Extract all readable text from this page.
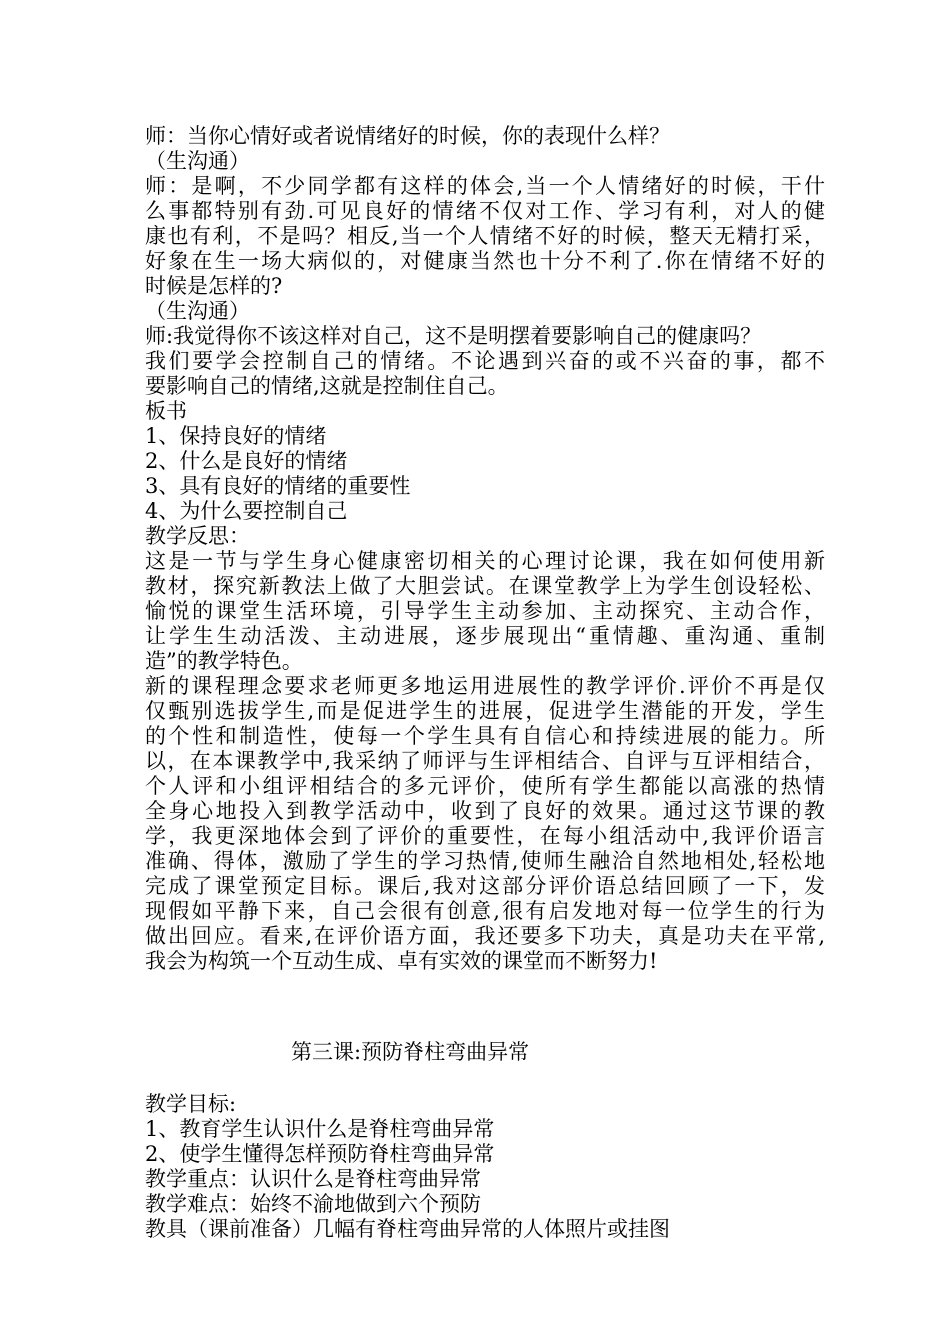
师：当你心情好或者说情绪好的时候，你的表现什么样？

（生沟通）

师：是啊，不少同学都有这样的体会,当一个人情绪好的时候，干什

么事都特别有劲.可见良好的情绪不仅对工作、学习有利，对人的健

康也有利，不是吗？相反,当一个人情绪不好的时候，整天无精打采，

好象在生一场大病似的，对健康当然也十分不利了.你在情绪不好的

时候是怎样的?

（生沟通）

师:我觉得你不该这样对自己，这不是明摆着要影响自己的健康吗？

我们要学会控制自己的情绪。不论遇到兴奋的或不兴奋的事，都不

要影响自己的情绪,这就是控制住自己。

板书

1、保持良好的情绪

2、什么是良好的情绪

3、具有良好的情绪的重要性

4、为什么要控制自己

教学反思：

这是一节与学生身心健康密切相关的心理讨论课，我在如何使用新

教材，探究新教法上做了大胆尝试。在课堂教学上为学生创设轻松、

愉悦的课堂生活环境，引导学生主动参加、主动探究、主动合作，

让学生生动活泼、主动进展，逐步展现出“重情趣、重沟通、重制

造”的教学特色。

新的课程理念要求老师更多地运用进展性的教学评价.评价不再是仅

仅甄别选拔学生,而是促进学生的进展，促进学生潜能的开发，学生

的个性和制造性，使每一个学生具有自信心和持续进展的能力。所

以，在本课教学中,我采纳了师评与生评相结合、自评与互评相结合，

个人评和小组评相结合的多元评价，使所有学生都能以高涨的热情

全身心地投入到教学活动中，收到了良好的效果。通过这节课的教

学，我更深地体会到了评价的重要性，在每小组活动中,我评价语言

准确、得体，激励了学生的学习热情,使师生融洽自然地相处,轻松地

完成了课堂预定目标。课后,我对这部分评价语总结回顾了一下，发

现假如平静下来，自己会很有创意,很有启发地对每一位学生的行为

做出回应。看来,在评价语方面，我还要多下功夫，真是功夫在平常,

我会为构筑一个互动生成、卓有实效的课堂而不断努力!

第三课:预防脊柱弯曲异常

教学目标:

1、教育学生认识什么是脊柱弯曲异常

2、使学生懂得怎样预防脊柱弯曲异常

教学重点：认识什么是脊柱弯曲异常

教学难点：始终不渝地做到六个预防

教具（课前准备）几幅有脊柱弯曲异常的人体照片或挂图
